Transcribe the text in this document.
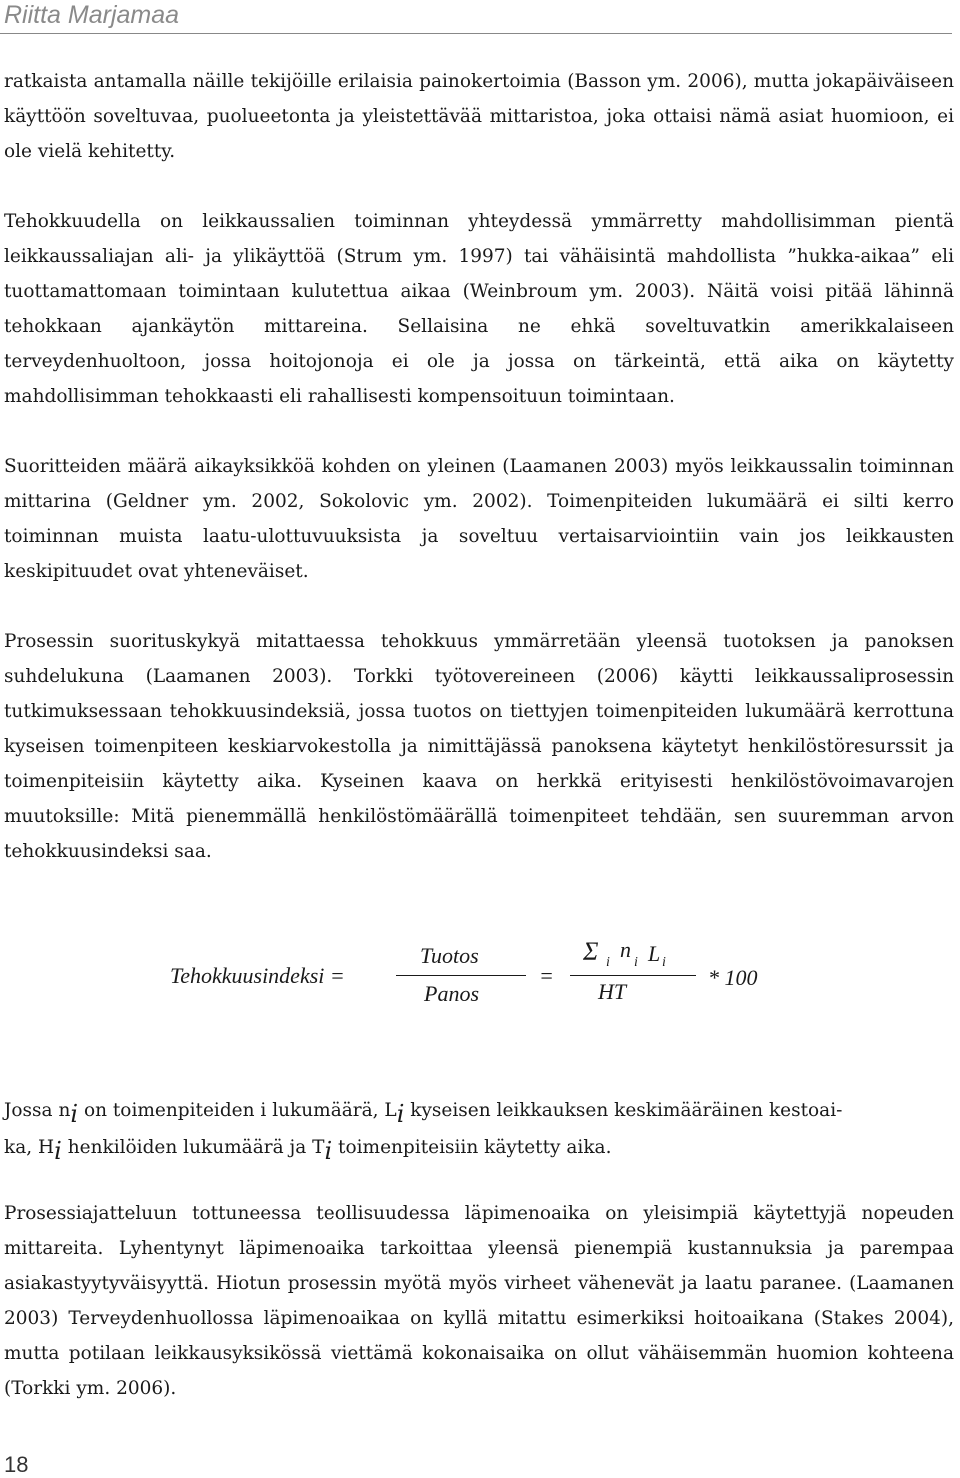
Riitta Marjamaa

ratkaista antamalla näille tekijöille erilaisia painokertoimia (Basson ym. 2006), mutta jokapäiväiseen käyttöön soveltuvaa, puolueetonta ja yleistettävää mittaristoa, joka ottaisi nämä asiat huomioon, ei ole vielä kehitetty.

Tehokkuudella on leikkaussalien toiminnan yhteydessä ymmärretty mahdollisimman pientä leikkaussaliajan ali- ja ylikäyttöä (Strum ym. 1997) tai vähäisintä mahdollista ”hukka-aikaa” eli tuottamattomaan toimintaan kulutettua aikaa (Weinbroum ym. 2003). Näitä voisi pitää lähinnä tehokkaan ajankäytön mittareina. Sellaisina ne ehkä soveltuvatkin amerikkalaiseen terveydenhuoltoon, jossa hoitojonoja ei ole ja jossa on tärkeintä, että aika on käytetty mahdollisimman tehokkaasti eli rahallisesti kompensoituun toimintaan.

Suoritteiden määrä aikayksikköä kohden on yleinen (Laamanen 2003) myös leikkaussalin toiminnan mittarina (Geldner ym. 2002, Sokolovic ym. 2002). Toimenpiteiden lukumäärä ei silti kerro toiminnan muista laatu-ulottuvuuksista ja soveltuu vertaisarviointiin vain jos leikkausten keskipituudet ovat yhteneväiset.

Prosessin suorituskykyä mitattaessa tehokkuus ymmärretään yleensä tuotoksen ja panoksen suhdelukuna (Laamanen 2003). Torkki työtovereineen (2006) käytti leikkaussaliprosessin tutkimuksessaan tehokkuusindeksiä, jossa tuotos on tiettyjen toimenpiteiden lukumäärä kerrottuna kyseisen toimenpiteen keskiarvokestolla ja nimittäjässä panoksena käytetyt henkilöstöresurssit ja toimenpiteisiin käytetty aika. Kyseinen kaava on herkkä erityisesti henkilöstövoimavarojen muutoksille: Mitä pienemmällä henkilöstömäärällä toimenpiteet tehdään, sen suuremman arvon tehokkuusindeksi saa.

Tehokkuusindeksi =
Tuotos
Panos
=
Σ i
n
i L i
HT
* 100

Jossa ni on toimenpiteiden i lukumäärä, Li kyseisen leikkauksen keskimääräinen kestoai-

ka, Hi henkilöiden lukumäärä ja Ti toimenpiteisiin käytetty aika.

Prosessiajatteluun tottuneessa teollisuudessa läpimenoaika on yleisimpiä käytettyjä nopeuden mittareita. Lyhentynyt läpimenoaika tarkoittaa yleensä pienempiä kustannuksia ja parempaa asiakastyytyväisyyttä. Hiotun prosessin myötä myös virheet vähenevät ja laatu paranee. (Laamanen 2003) Terveydenhuollossa läpimenoaikaa on kyllä mitattu esimerkiksi hoitoaikana (Stakes 2004), mutta potilaan leikkausyksikössä viettämä kokonaisaika on ollut vähäisemmän huomion kohteena (Torkki ym. 2006).

18
